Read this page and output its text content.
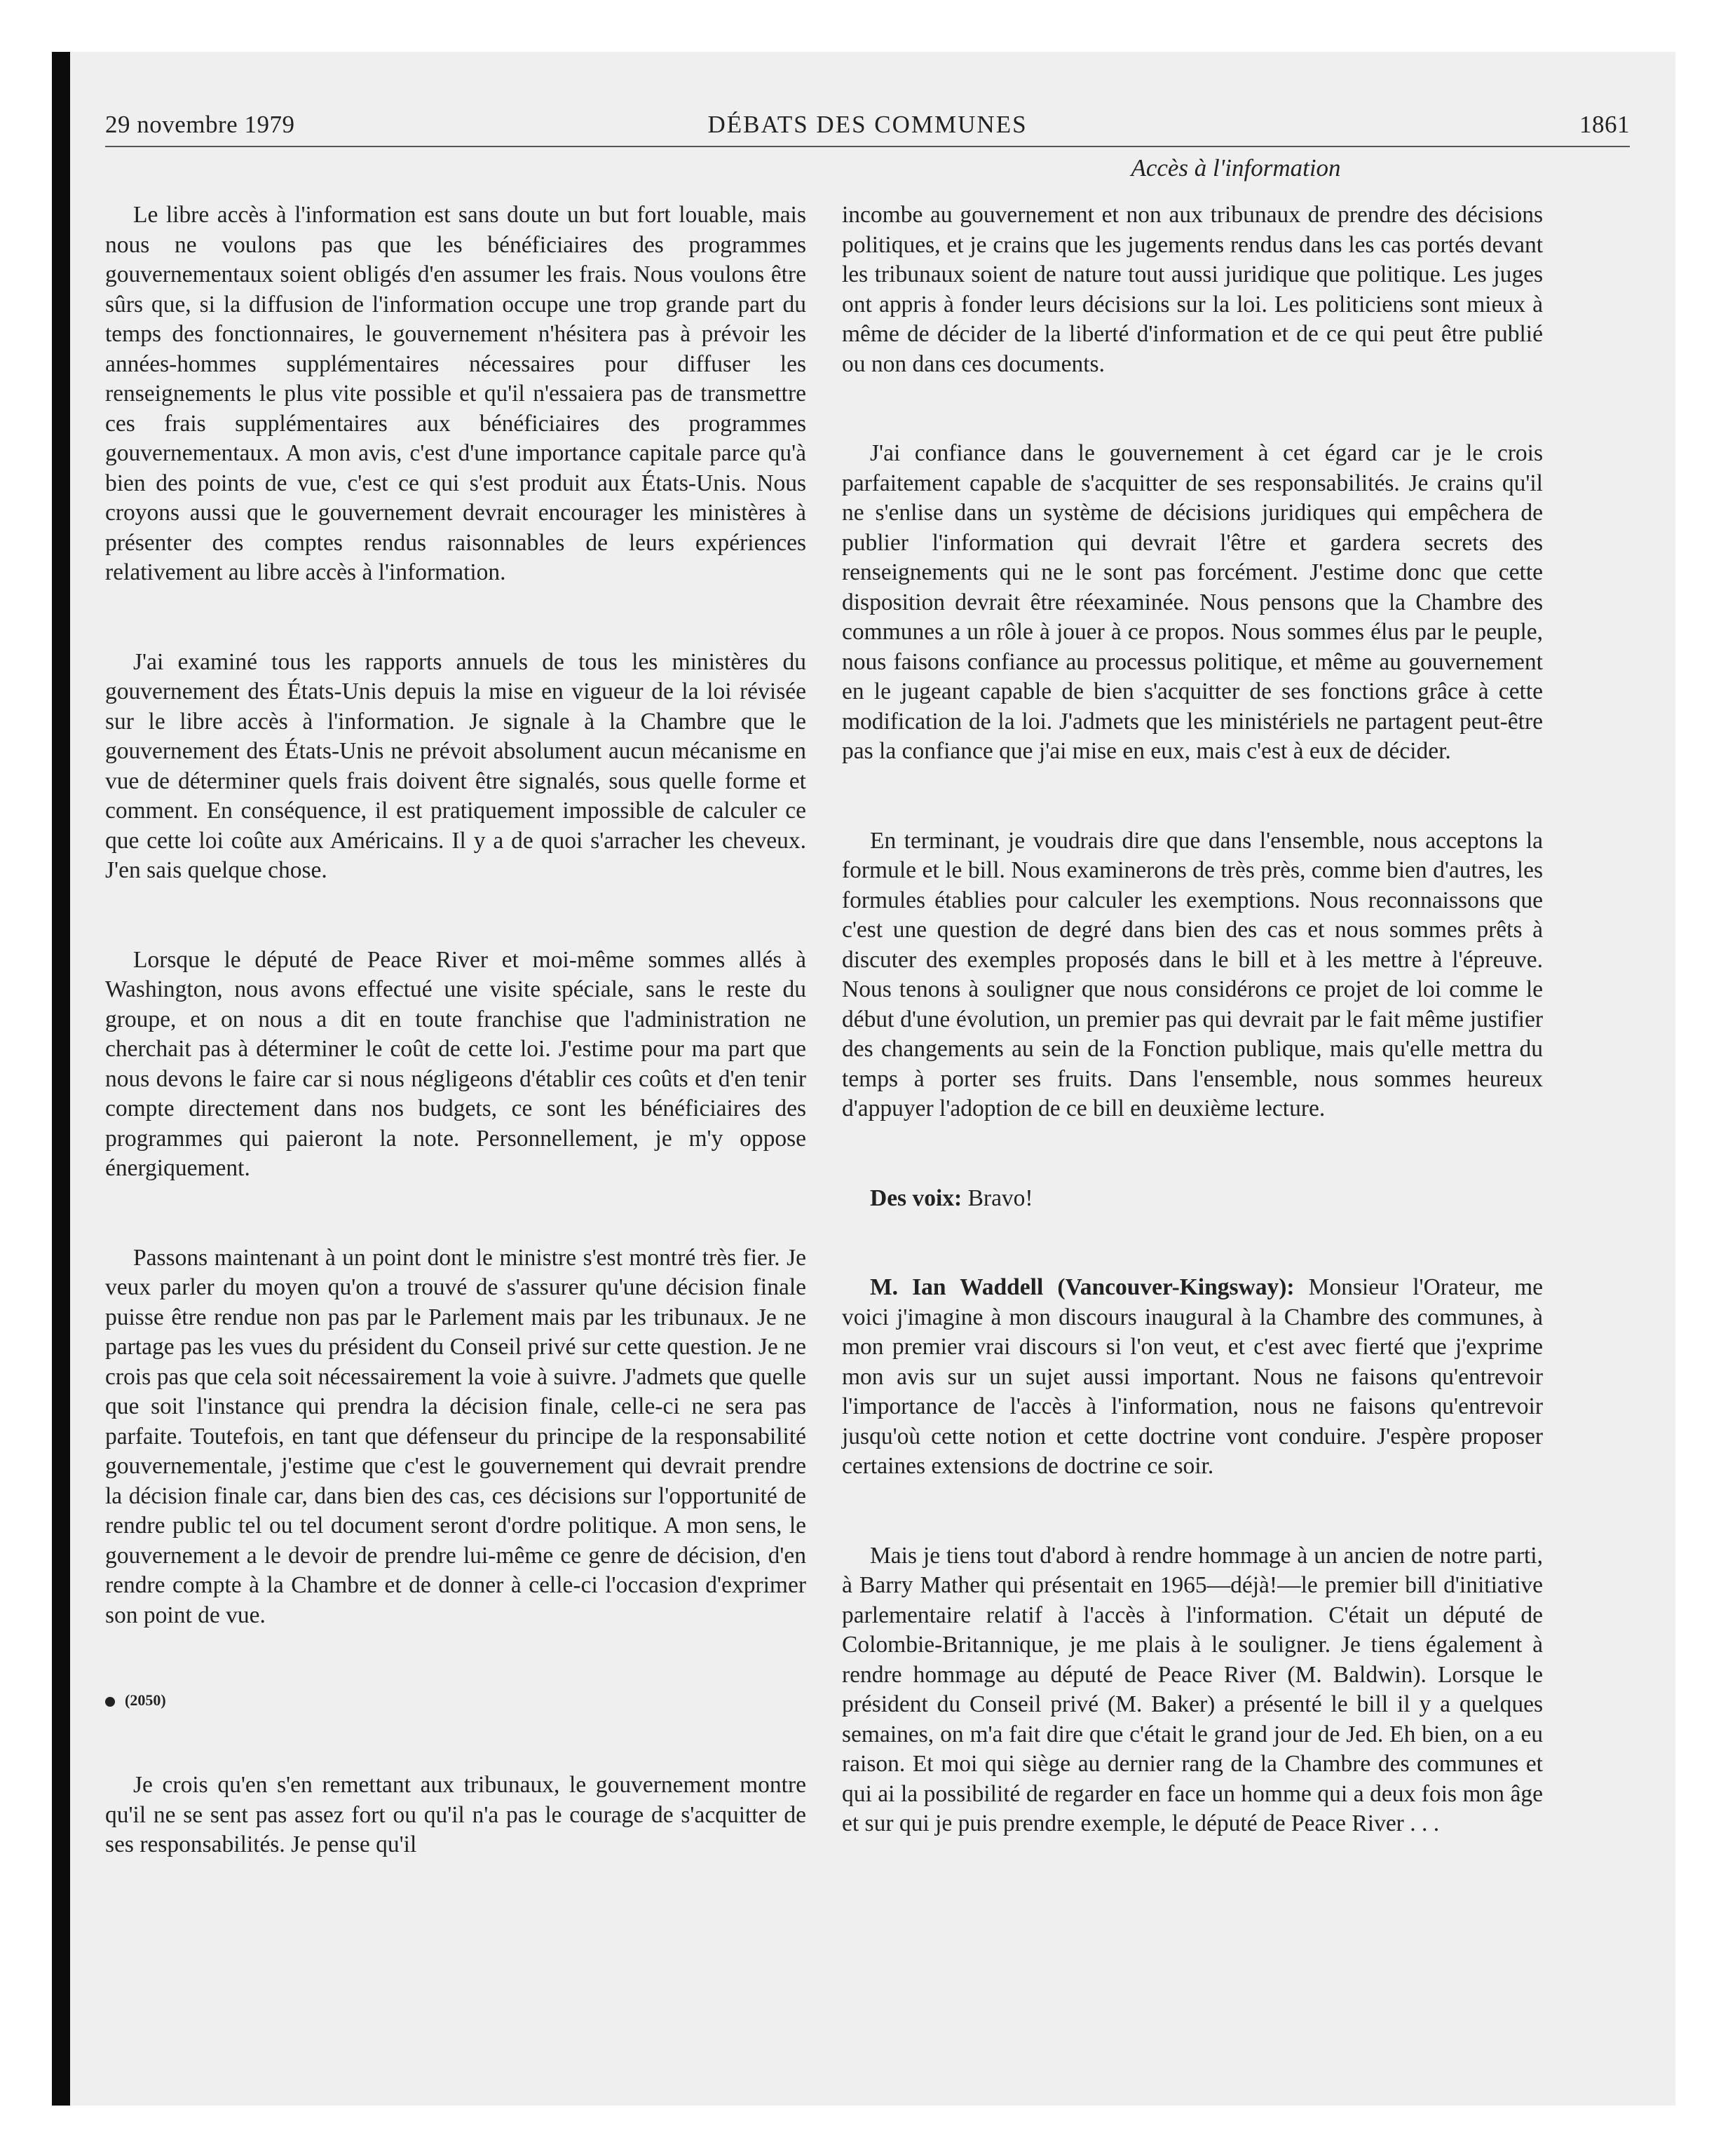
29 novembre 1979	DÉBATS DES COMMUNES	1861
Accès à l'information

Le libre accès à l'information est sans doute un but fort louable, mais nous ne voulons pas que les bénéficiaires des programmes gouvernementaux soient obligés d'en assumer les frais. Nous voulons être sûrs que, si la diffusion de l'information occupe une trop grande part du temps des fonctionnaires, le gouvernement n'hésitera pas à prévoir les années-hommes supplémentaires nécessaires pour diffuser les renseignements le plus vite possible et qu'il n'essaiera pas de transmettre ces frais supplémentaires aux bénéficiaires des programmes gouvernementaux. A mon avis, c'est d'une importance capitale parce qu'à bien des points de vue, c'est ce qui s'est produit aux États-Unis. Nous croyons aussi que le gouvernement devrait encourager les ministères à présenter des comptes rendus raisonnables de leurs expériences relativement au libre accès à l'information.

J'ai examiné tous les rapports annuels de tous les ministères du gouvernement des États-Unis depuis la mise en vigueur de la loi révisée sur le libre accès à l'information. Je signale à la Chambre que le gouvernement des États-Unis ne prévoit absolument aucun mécanisme en vue de déterminer quels frais doivent être signalés, sous quelle forme et comment. En conséquence, il est pratiquement impossible de calculer ce que cette loi coûte aux Américains. Il y a de quoi s'arracher les cheveux. J'en sais quelque chose.

Lorsque le député de Peace River et moi-même sommes allés à Washington, nous avons effectué une visite spéciale, sans le reste du groupe, et on nous a dit en toute franchise que l'administration ne cherchait pas à déterminer le coût de cette loi. J'estime pour ma part que nous devons le faire car si nous négligeons d'établir ces coûts et d'en tenir compte directement dans nos budgets, ce sont les bénéficiaires des programmes qui paieront la note. Personnellement, je m'y oppose énergiquement.

Passons maintenant à un point dont le ministre s'est montré très fier. Je veux parler du moyen qu'on a trouvé de s'assurer qu'une décision finale puisse être rendue non pas par le Parlement mais par les tribunaux. Je ne partage pas les vues du président du Conseil privé sur cette question. Je ne crois pas que cela soit nécessairement la voie à suivre. J'admets que quelle que soit l'instance qui prendra la décision finale, celle-ci ne sera pas parfaite. Toutefois, en tant que défenseur du principe de la responsabilité gouvernementale, j'estime que c'est le gouvernement qui devrait prendre la décision finale car, dans bien des cas, ces décisions sur l'opportunité de rendre public tel ou tel document seront d'ordre politique. A mon sens, le gouvernement a le devoir de prendre lui-même ce genre de décision, d'en rendre compte à la Chambre et de donner à celle-ci l'occasion d'exprimer son point de vue.

(2050)

Je crois qu'en s'en remettant aux tribunaux, le gouvernement montre qu'il ne se sent pas assez fort ou qu'il n'a pas le courage de s'acquitter de ses responsabilités. Je pense qu'il

incombe au gouvernement et non aux tribunaux de prendre des décisions politiques, et je crains que les jugements rendus dans les cas portés devant les tribunaux soient de nature tout aussi juridique que politique. Les juges ont appris à fonder leurs décisions sur la loi. Les politiciens sont mieux à même de décider de la liberté d'information et de ce qui peut être publié ou non dans ces documents.

J'ai confiance dans le gouvernement à cet égard car je le crois parfaitement capable de s'acquitter de ses responsabilités. Je crains qu'il ne s'enlise dans un système de décisions juridiques qui empêchera de publier l'information qui devrait l'être et gardera secrets des renseignements qui ne le sont pas forcément. J'estime donc que cette disposition devrait être réexaminée. Nous pensons que la Chambre des communes a un rôle à jouer à ce propos. Nous sommes élus par le peuple, nous faisons confiance au processus politique, et même au gouvernement en le jugeant capable de bien s'acquitter de ses fonctions grâce à cette modification de la loi. J'admets que les ministériels ne partagent peut-être pas la confiance que j'ai mise en eux, mais c'est à eux de décider.

En terminant, je voudrais dire que dans l'ensemble, nous acceptons la formule et le bill. Nous examinerons de très près, comme bien d'autres, les formules établies pour calculer les exemptions. Nous reconnaissons que c'est une question de degré dans bien des cas et nous sommes prêts à discuter des exemples proposés dans le bill et à les mettre à l'épreuve. Nous tenons à souligner que nous considérons ce projet de loi comme le début d'une évolution, un premier pas qui devrait par le fait même justifier des changements au sein de la Fonction publique, mais qu'elle mettra du temps à porter ses fruits. Dans l'ensemble, nous sommes heureux d'appuyer l'adoption de ce bill en deuxième lecture.

Des voix: Bravo!

M. Ian Waddell (Vancouver-Kingsway): Monsieur l'Orateur, me voici j'imagine à mon discours inaugural à la Chambre des communes, à mon premier vrai discours si l'on veut, et c'est avec fierté que j'exprime mon avis sur un sujet aussi important. Nous ne faisons qu'entrevoir l'importance de l'accès à l'information, nous ne faisons qu'entrevoir jusqu'où cette notion et cette doctrine vont conduire. J'espère proposer certaines extensions de doctrine ce soir.

Mais je tiens tout d'abord à rendre hommage à un ancien de notre parti, à Barry Mather qui présentait en 1965—déjà!—le premier bill d'initiative parlementaire relatif à l'accès à l'information. C'était un député de Colombie-Britannique, je me plais à le souligner. Je tiens également à rendre hommage au député de Peace River (M. Baldwin). Lorsque le président du Conseil privé (M. Baker) a présenté le bill il y a quelques semaines, on m'a fait dire que c'était le grand jour de Jed. Eh bien, on a eu raison. Et moi qui siège au dernier rang de la Chambre des communes et qui ai la possibilité de regarder en face un homme qui a deux fois mon âge et sur qui je puis prendre exemple, le député de Peace River . . .
